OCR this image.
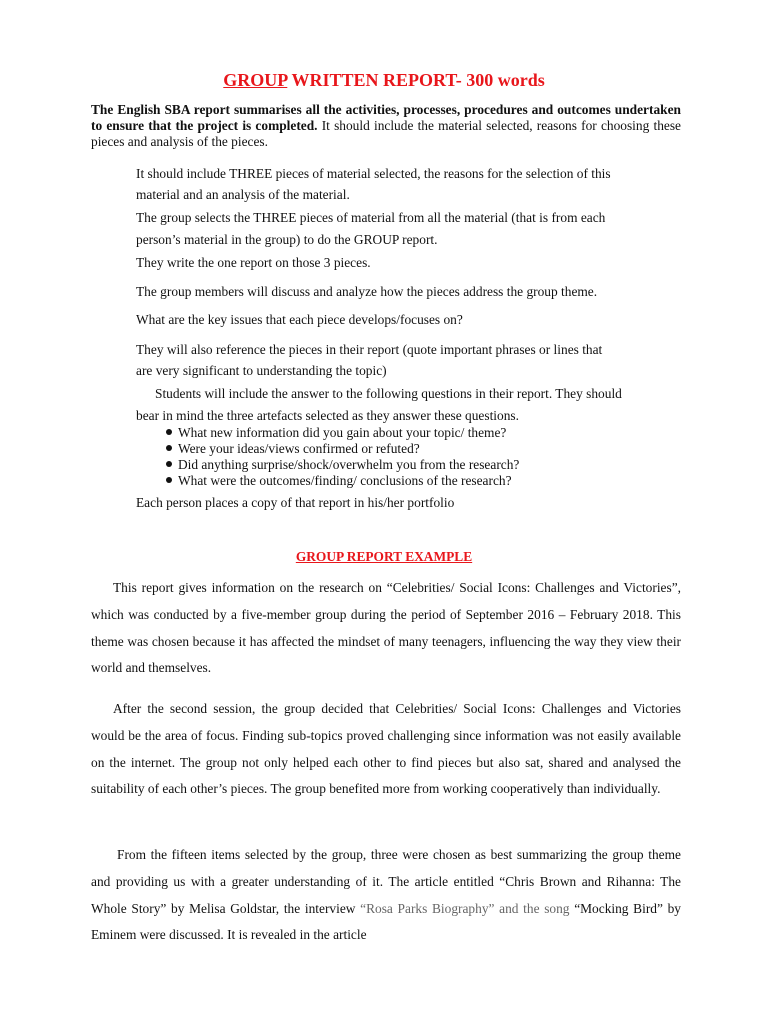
GROUP WRITTEN REPORT- 300 words
The English SBA report summarises all the activities, processes, procedures and outcomes undertaken to ensure that the project is completed. It should include the material selected, reasons for choosing these pieces and analysis of the pieces.
It should include THREE pieces of material selected, the reasons for the selection of this
material and an analysis of the material.
The group selects the THREE pieces of material from all the material (that is from each
person’s material in the group) to do the GROUP report.
They write the one report on those 3 pieces.
The group members will discuss and analyze how the pieces address the group theme.
What are the key issues that each piece develops/focuses on?
They will also reference the pieces in their report (quote important phrases or lines that
are very significant to understanding the topic)
Students will include the answer to the following questions in their report. They should
bear in mind the three artefacts selected as they answer these questions.
What new information did you gain about your topic/ theme?
Were your ideas/views confirmed or refuted?
Did anything surprise/shock/overwhelm you from the research?
What were the outcomes/finding/ conclusions of the research?
Each person places a copy of that report in his/her portfolio
GROUP REPORT EXAMPLE
This report gives information on the research on “Celebrities/ Social Icons: Challenges and Victories”, which was conducted by a five-member group during the period of September 2016 – February 2018. This theme was chosen because it has affected the mindset of many teenagers, influencing the way they view their world and themselves.
After the second session, the group decided that Celebrities/ Social Icons: Challenges and Victories would be the area of focus. Finding sub-topics proved challenging since information was not easily available on the internet. The group not only helped each other to find pieces but also sat, shared and analysed the suitability of each other’s pieces. The group benefited more from working cooperatively than individually.
From the fifteen items selected by the group, three were chosen as best summarizing the group theme and providing us with a greater understanding of it. The article entitled “Chris Brown and Rihanna: The Whole Story” by Melisa Goldstar, the interview “Rosa Parks Biography” and the song “Mocking Bird” by Eminem were discussed. It is revealed in the article
